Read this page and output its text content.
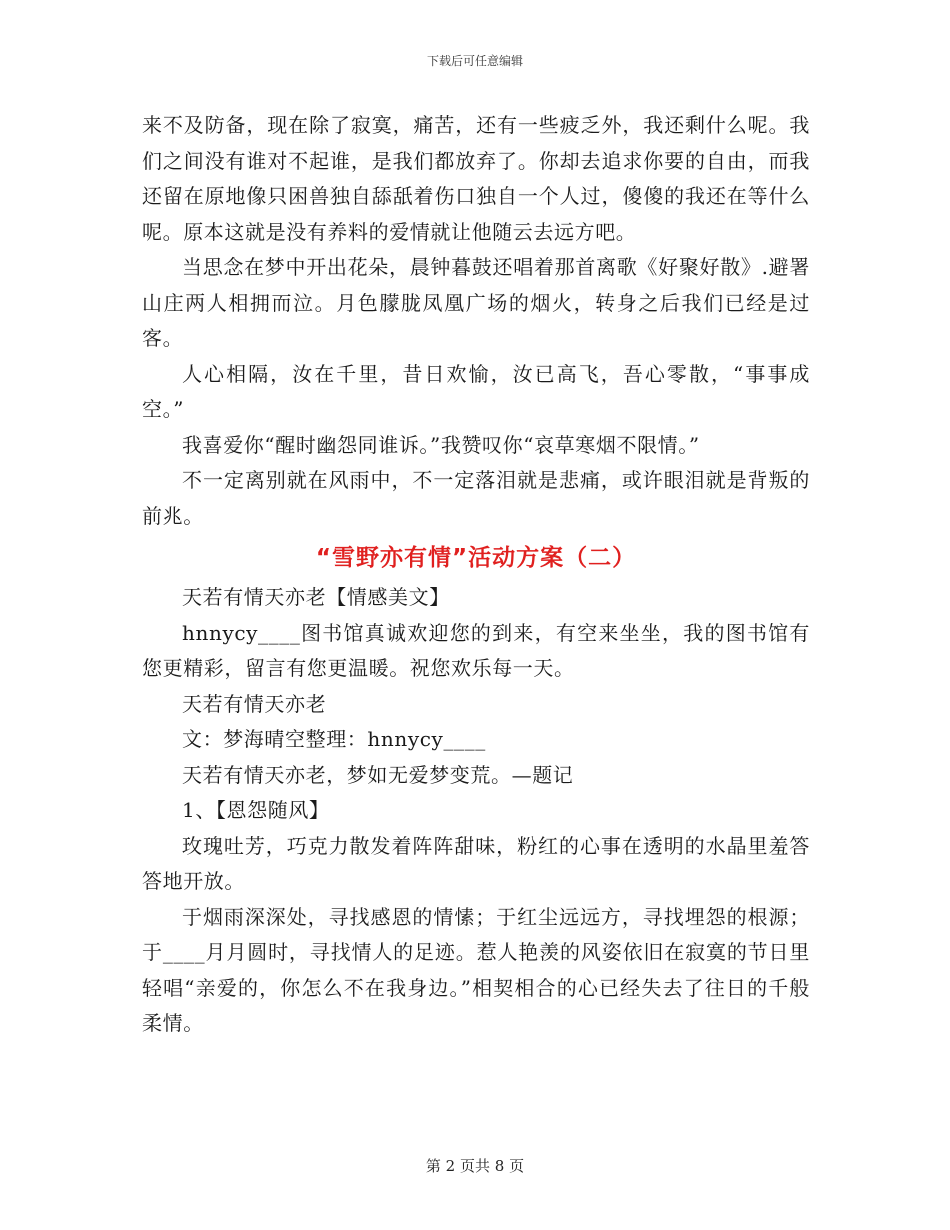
下载后可任意编辑

来不及防备，现在除了寂寞，痛苦，还有一些疲乏外，我还剩什么呢。我们之间没有谁对不起谁，是我们都放弃了。你却去追求你要的自由，而我还留在原地像只困兽独自舔舐着伤口独自一个人过，傻傻的我还在等什么呢。原本这就是没有养料的爱情就让他随云去远方吧。

当思念在梦中开出花朵，晨钟暮鼓还唱着那首离歌《好聚好散》.避署山庄两人相拥而泣。月色朦胧凤凰广场的烟火，转身之后我们已经是过客。

人心相隔，汝在千里，昔日欢愉，汝已高飞，吾心零散，“事事成空。”

我喜爱你“醒时幽怨同谁诉。”我赞叹你“哀草寒烟不限情。”

不一定离别就在风雨中，不一定落泪就是悲痛，或许眼泪就是背叛的前兆。

“雪野亦有情”活动方案（二）

天若有情天亦老【情感美文】

hnnycy____图书馆真诚欢迎您的到来，有空来坐坐，我的图书馆有您更精彩，留言有您更温暖。祝您欢乐每一天。

天若有情天亦老

文：梦海晴空整理：hnnycy____

天若有情天亦老，梦如无爱梦变荒。—题记

1、【恩怨随风】

玫瑰吐芳，巧克力散发着阵阵甜味，粉红的心事在透明的水晶里羞答答地开放。

于烟雨深深处，寻找感恩的情愫；于红尘远远方，寻找埋怨的根源；于____月月圆时，寻找情人的足迹。惹人艳羡的风姿依旧在寂寞的节日里轻唱“亲爱的，你怎么不在我身边。”相契相合的心已经失去了往日的千般柔情。

第 2 页共 8 页
